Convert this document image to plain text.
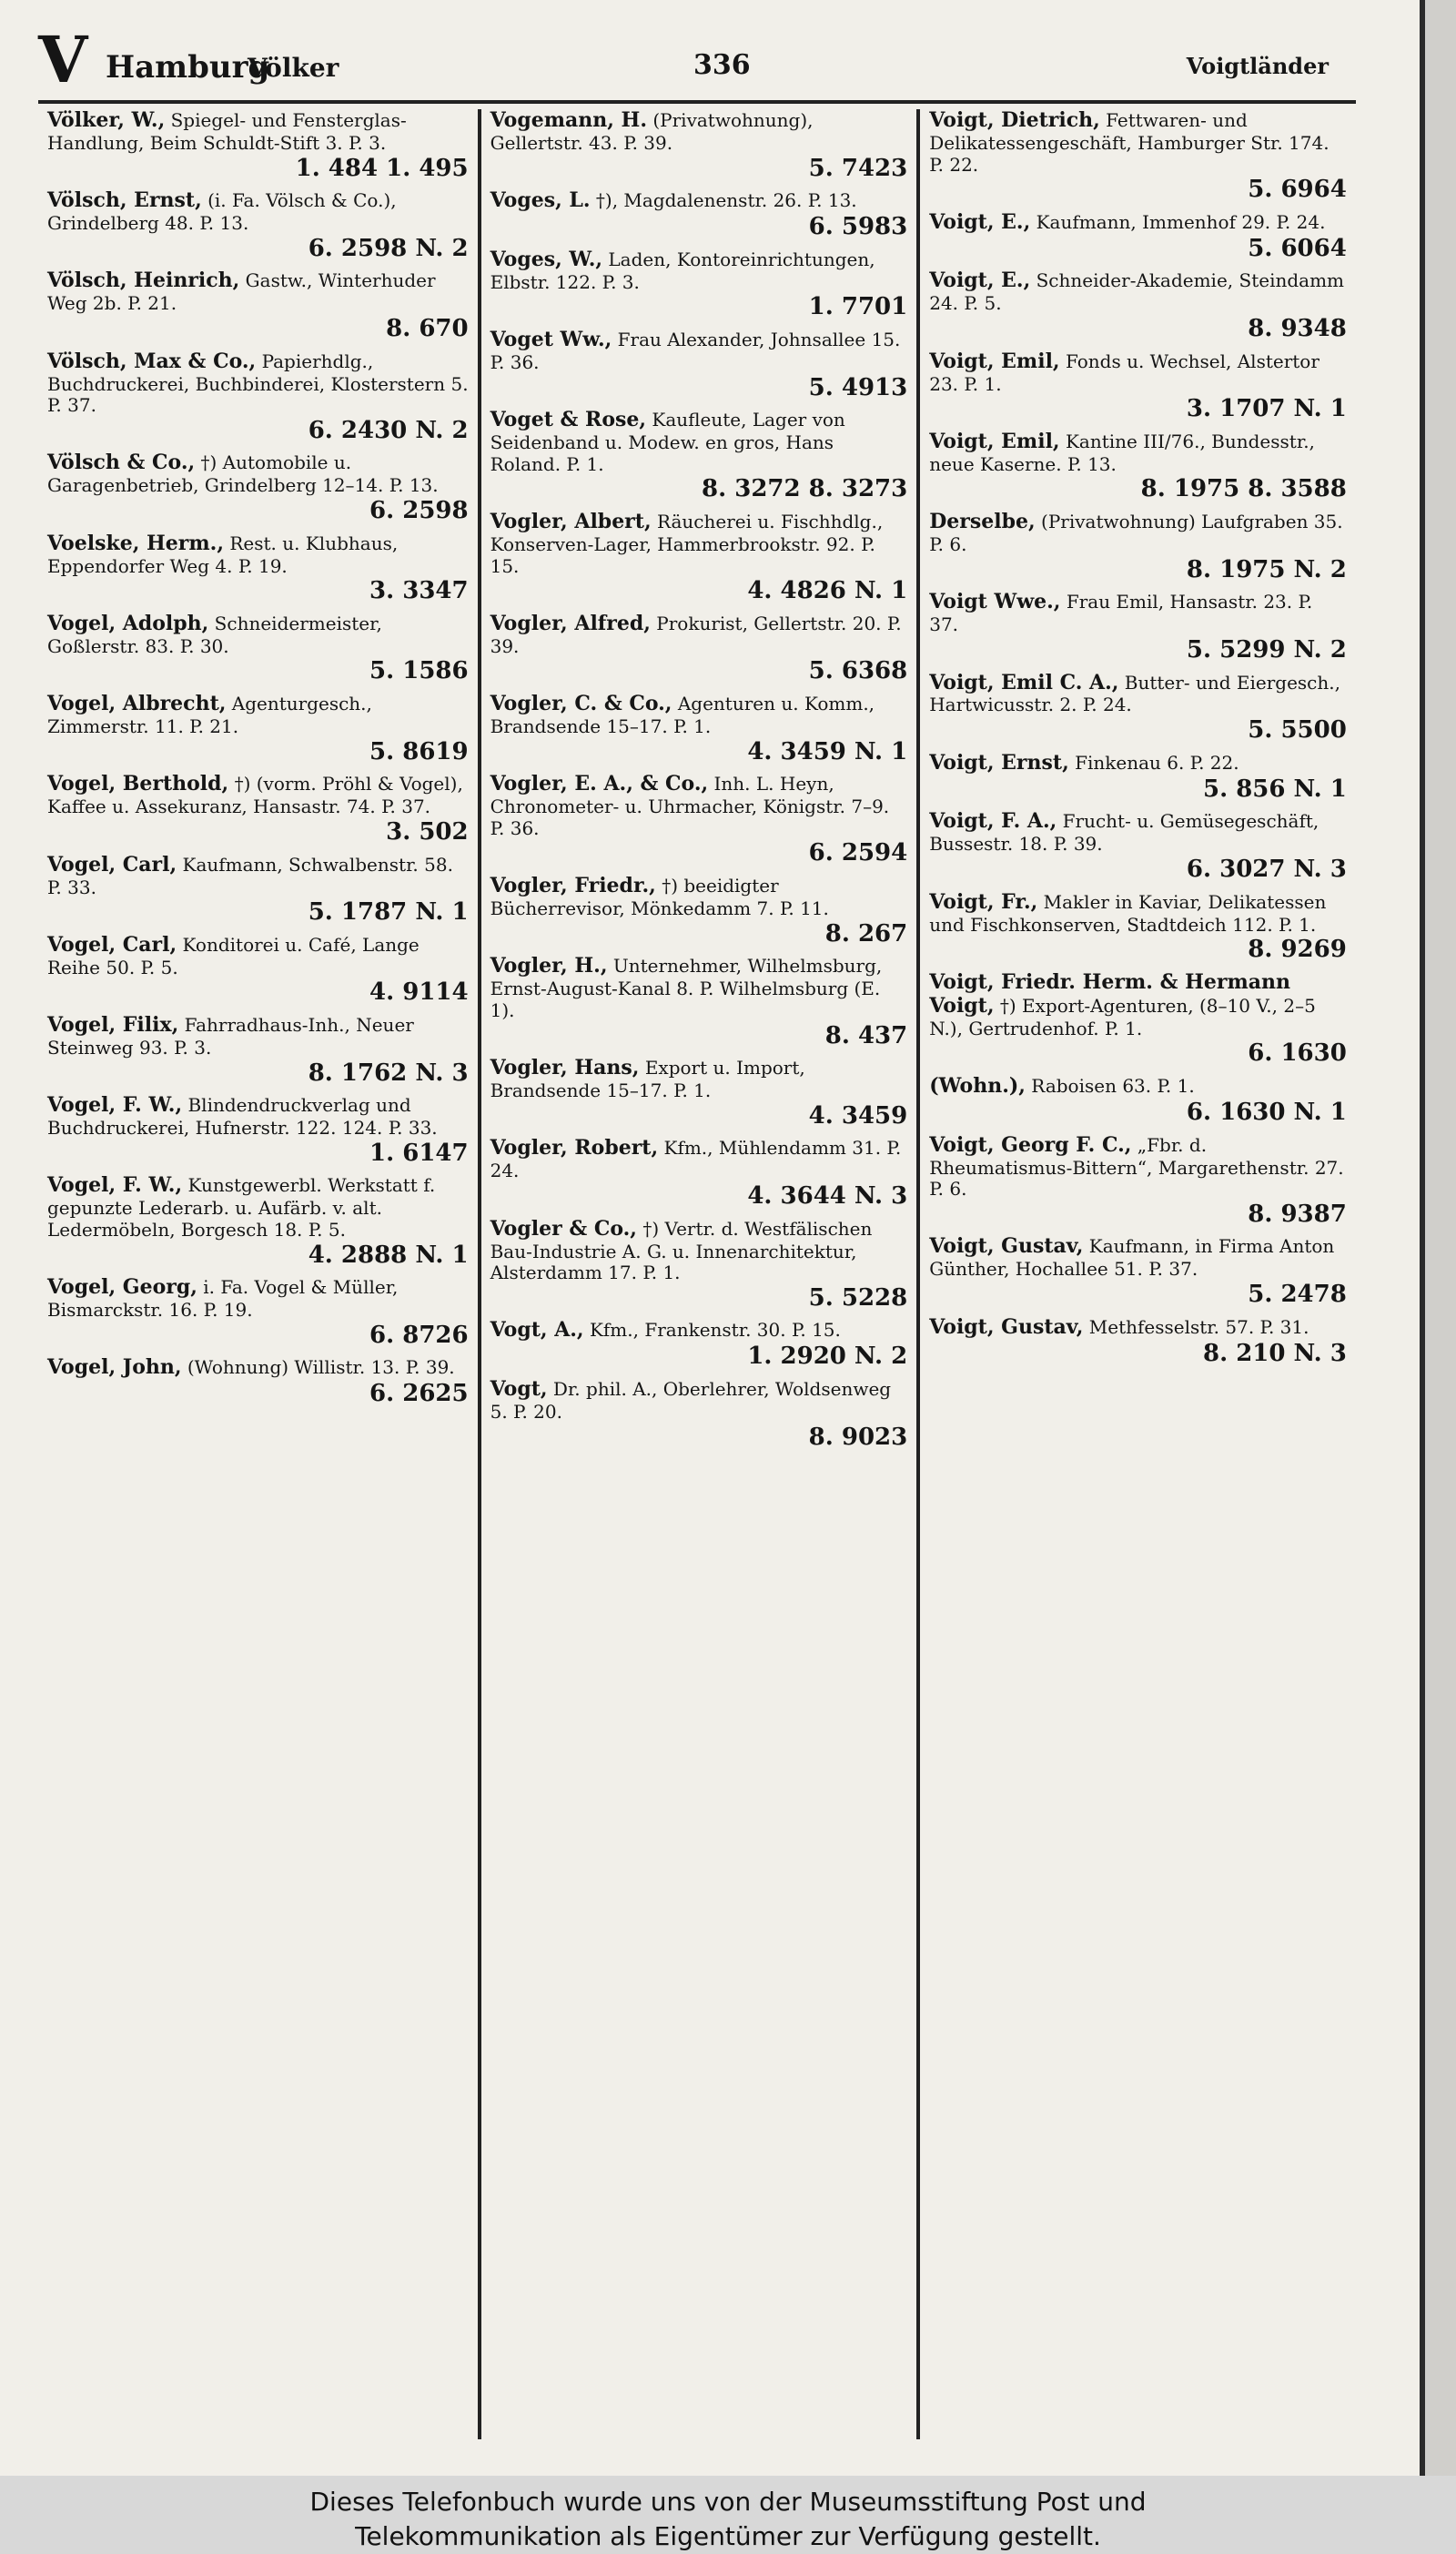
V Hamburg
Völker	336	Voigtländer
Völker, W., Spiegel- und Fensterglas-Handlung, Beim Schuldt-Stift 3. P. 3.
1. 484 1. 495
Völsch, Ernst, (i. Fa. Völsch & Co.), Grindelberg 48. P. 13.
6. 2598 N. 2
Völsch, Heinrich, Gastw., Winterhuder Weg 2b. P. 21.
8. 670
Völsch, Max & Co., Papierhdlg., Buchdruckerei, Buchbinderei, Klosterstern 5. P. 37.
6. 2430 N. 2
Völsch & Co., †) Automobile u. Garagenbetrieb, Grindelberg 12–14. P. 13.
6. 2598
Voelske, Herm., Rest. u. Klubhaus, Eppendorfer Weg 4. P. 19.
3. 3347
Vogel, Adolph, Schneidermeister, Goßlerstr. 83. P. 30.
5. 1586
Vogel, Albrecht, Agenturgesch., Zimmerstr. 11. P. 21.
5. 8619
Vogel, Berthold, †) (vorm. Pröhl & Vogel), Kaffee u. Assekuranz, Hansastr. 74. P. 37.
3. 502
Vogel, Carl, Kaufmann, Schwalbenstr. 58. P. 33.
5. 1787 N. 1
Vogel, Carl, Konditorei u. Café, Lange Reihe 50. P. 5.
4. 9114
Vogel, Filix, Fahrradhaus-Inh., Neuer Steinweg 93. P. 3.
8. 1762 N. 3
Vogel, F. W., Blindendruckverlag und Buchdruckerei, Hufnerstr. 122. 124. P. 33.
1. 6147
Vogel, F. W., Kunstgewerbl. Werkstatt f. gepunzte Lederarb. u. Aufärb. v. alt. Ledermöbeln, Borgesch 18. P. 5.
4. 2888 N. 1
Vogel, Georg, i. Fa. Vogel & Müller, Bismarckstr. 16. P. 19.
6. 8726
Vogel, John, (Wohnung) Willistr. 13. P. 39.
6. 2625
Vogemann, H. (Privatwohnung), Gellertstr. 43. P. 39.
5. 7423
Voges, L. †), Magdalenenstr. 26. P. 13.
6. 5983
Voges, W., Laden, Kontoreinrichtungen, Elbstr. 122. P. 3.
1. 7701
Voget Ww., Frau Alexander, Johnsallee 15. P. 36.
5. 4913
Voget & Rose, Kaufleute, Lager von Seidenband u. Modew. en gros, Hans Roland. P. 1.
8. 3272 8. 3273
Vogler, Albert, Räucherei u. Fischhdlg., Konserven-Lager, Hammerbrookstr. 92. P. 15.
4. 4826 N. 1
Vogler, Alfred, Prokurist, Gellertstr. 20. P. 39.
5. 6368
Vogler, C. & Co., Agenturen u. Komm., Brandsende 15–17. P. 1.
4. 3459 N. 1
Vogler, E. A., & Co., Inh. L. Heyn, Chronometer- u. Uhrmacher, Königstr. 7–9. P. 36.
6. 2594
Vogler, Friedr., †) beeidigter Bücherrevisor, Mönkedamm 7. P. 11.
8. 267
Vogler, H., Unternehmer, Wilhelmsburg, Ernst-August-Kanal 8. P. Wilhelmsburg (E. 1).
8. 437
Vogler, Hans, Export u. Import, Brandsende 15–17. P. 1.
4. 3459
Vogler, Robert, Kfm., Mühlendamm 31. P. 24.
4. 3644 N. 3
Vogler & Co., †) Vertr. d. Westfälischen Bau-Industrie A. G. u. Innenarchitektur, Alsterdamm 17. P. 1.
5. 5228
Vogt, A., Kfm., Frankenstr. 30. P. 15.
1. 2920 N. 2
Vogt, Dr. phil. A., Oberlehrer, Woldsenweg 5. P. 20.
8. 9023
Voigt, Dietrich, Fettwaren- und Delikatessengeschäft, Hamburger Str. 174. P. 22.
5. 6964
Voigt, E., Kaufmann, Immenhof 29. P. 24.
5. 6064
Voigt, E., Schneider-Akademie, Steindamm 24. P. 5.
8. 9348
Voigt, Emil, Fonds u. Wechsel, Alstertor 23. P. 1.
3. 1707 N. 1
Voigt, Emil, Kantine III/76., Bundesstr., neue Kaserne. P. 13.
8. 1975 8. 3588
Derselbe, (Privatwohnung) Laufgraben 35. P. 6.
8. 1975 N. 2
Voigt Wwe., Frau Emil, Hansastr. 23. P. 37.
5. 5299 N. 2
Voigt, Emil C. A., Butter- und Eiergesch., Hartwicusstr. 2. P. 24.
5. 5500
Voigt, Ernst, Finkenau 6. P. 22.
5. 856 N. 1
Voigt, F. A., Frucht- u. Gemüsegeschäft, Bussestr. 18. P. 39.
6. 3027 N. 3
Voigt, Fr., Makler in Kaviar, Delikatessen und Fischkonserven, Stadtdeich 112. P. 1.
8. 9269
Voigt, Friedr. Herm. & Hermann Voigt, †) Export-Agenturen, (8–10 V., 2–5 N.), Gertrudenhof. P. 1.
6. 1630
(Wohn.), Raboisen 63. P. 1.
6. 1630 N. 1
Voigt, Georg F. C., „Fbr. d. Rheumatismus-Bittern“, Margarethenstr. 27. P. 6.
8. 9387
Voigt, Gustav, Kaufmann, in Firma Anton Günther, Hochallee 51. P. 37.
5. 2478
Voigt, Gustav, Methfesselstr. 57. P. 31.
8. 210 N. 3
Dieses Telefonbuch wurde uns von der Museumsstiftung Post und
Telekommunikation als Eigentümer zur Verfügung gestellt.
